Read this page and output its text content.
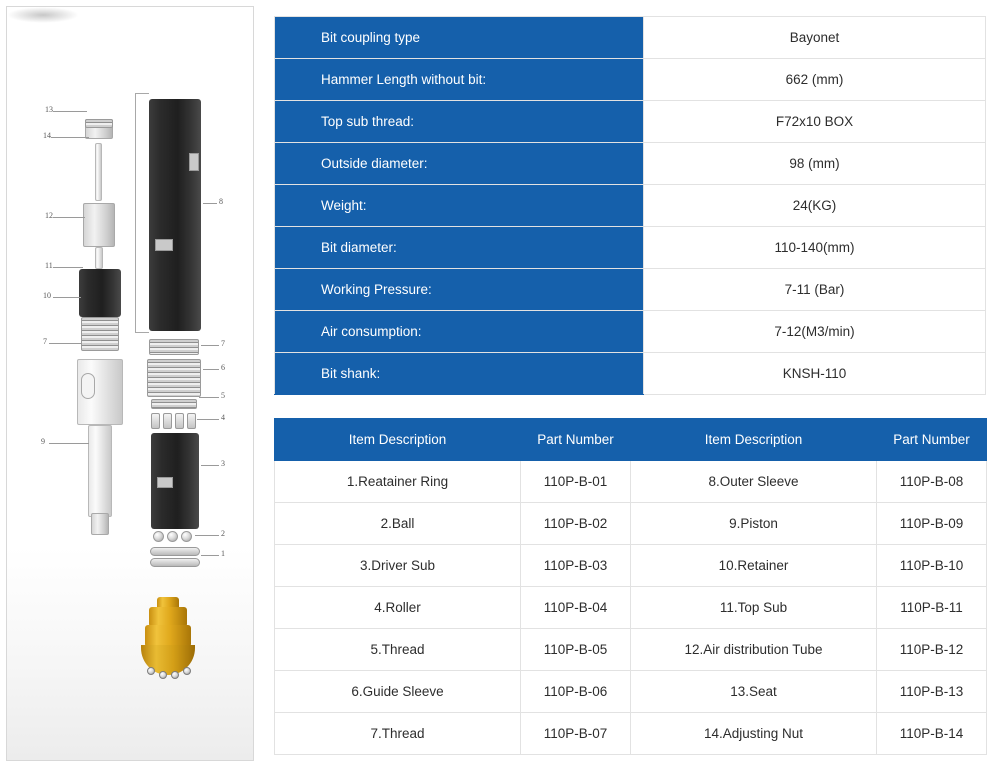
13
14
12
11
10
7
9
8
7
6
5
4
3
2
1
Bit coupling type	Bayonet
Hammer Length without bit:	662 (mm)
Top sub thread:	F72x10 BOX
Outside diameter:	98 (mm)
Weight:	24(KG)
Bit diameter:	110-140(mm)
Working Pressure:	7-11 (Bar)
Air consumption:	7-12(M3/min)
Bit shank:	KNSH-110
Item Description	Part Number	Item Description	Part Number
1.Reatainer Ring	110P-B-01	8.Outer Sleeve	110P-B-08
2.Ball	110P-B-02	9.Piston	110P-B-09
3.Driver Sub	110P-B-03	10.Retainer	110P-B-10
4.Roller	110P-B-04	11.Top Sub	110P-B-11
5.Thread	110P-B-05	12.Air distribution Tube	110P-B-12
6.Guide Sleeve	110P-B-06	13.Seat	110P-B-13
7.Thread	110P-B-07	14.Adjusting Nut	110P-B-14
